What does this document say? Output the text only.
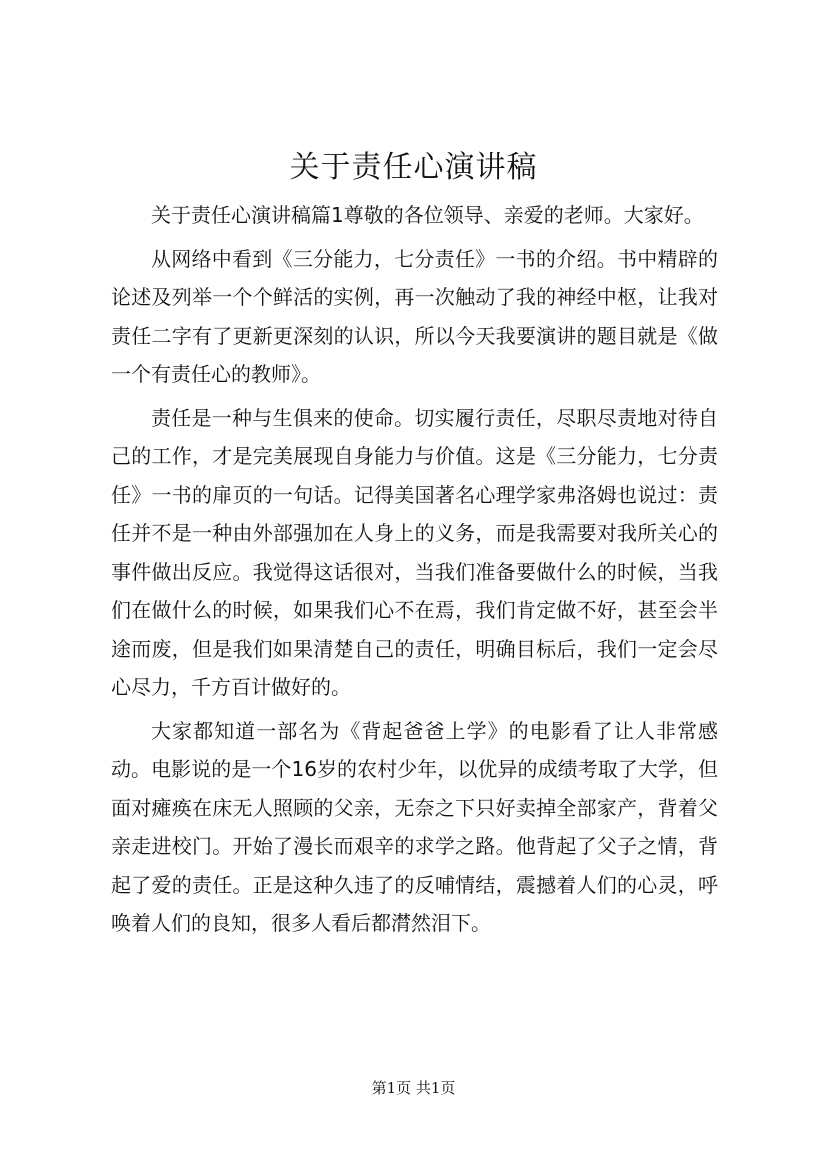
关于责任心演讲稿

关于责任心演讲稿篇1尊敬的各位领导、亲爱的老师。大家好。

从网络中看到《三分能力，七分责任》一书的介绍。书中精辟的论述及列举一个个鲜活的实例，再一次触动了我的神经中枢，让我对责任二字有了更新更深刻的认识，所以今天我要演讲的题目就是《做一个有责任心的教师》。

责任是一种与生俱来的使命。切实履行责任，尽职尽责地对待自己的工作，才是完美展现自身能力与价值。这是《三分能力，七分责任》一书的扉页的一句话。记得美国著名心理学家弗洛姆也说过：责任并不是一种由外部强加在人身上的义务，而是我需要对我所关心的事件做出反应。我觉得这话很对，当我们准备要做什么的时候，当我们在做什么的时候，如果我们心不在焉，我们肯定做不好，甚至会半途而废，但是我们如果清楚自己的责任，明确目标后，我们一定会尽心尽力，千方百计做好的。

大家都知道一部名为《背起爸爸上学》的电影看了让人非常感动。电影说的是一个16岁的农村少年，以优异的成绩考取了大学，但面对瘫痪在床无人照顾的父亲，无奈之下只好卖掉全部家产，背着父亲走进校门。开始了漫长而艰辛的求学之路。他背起了父子之情，背起了爱的责任。正是这种久违了的反哺情结，震撼着人们的心灵，呼唤着人们的良知，很多人看后都潸然泪下。

第1页 共1页
